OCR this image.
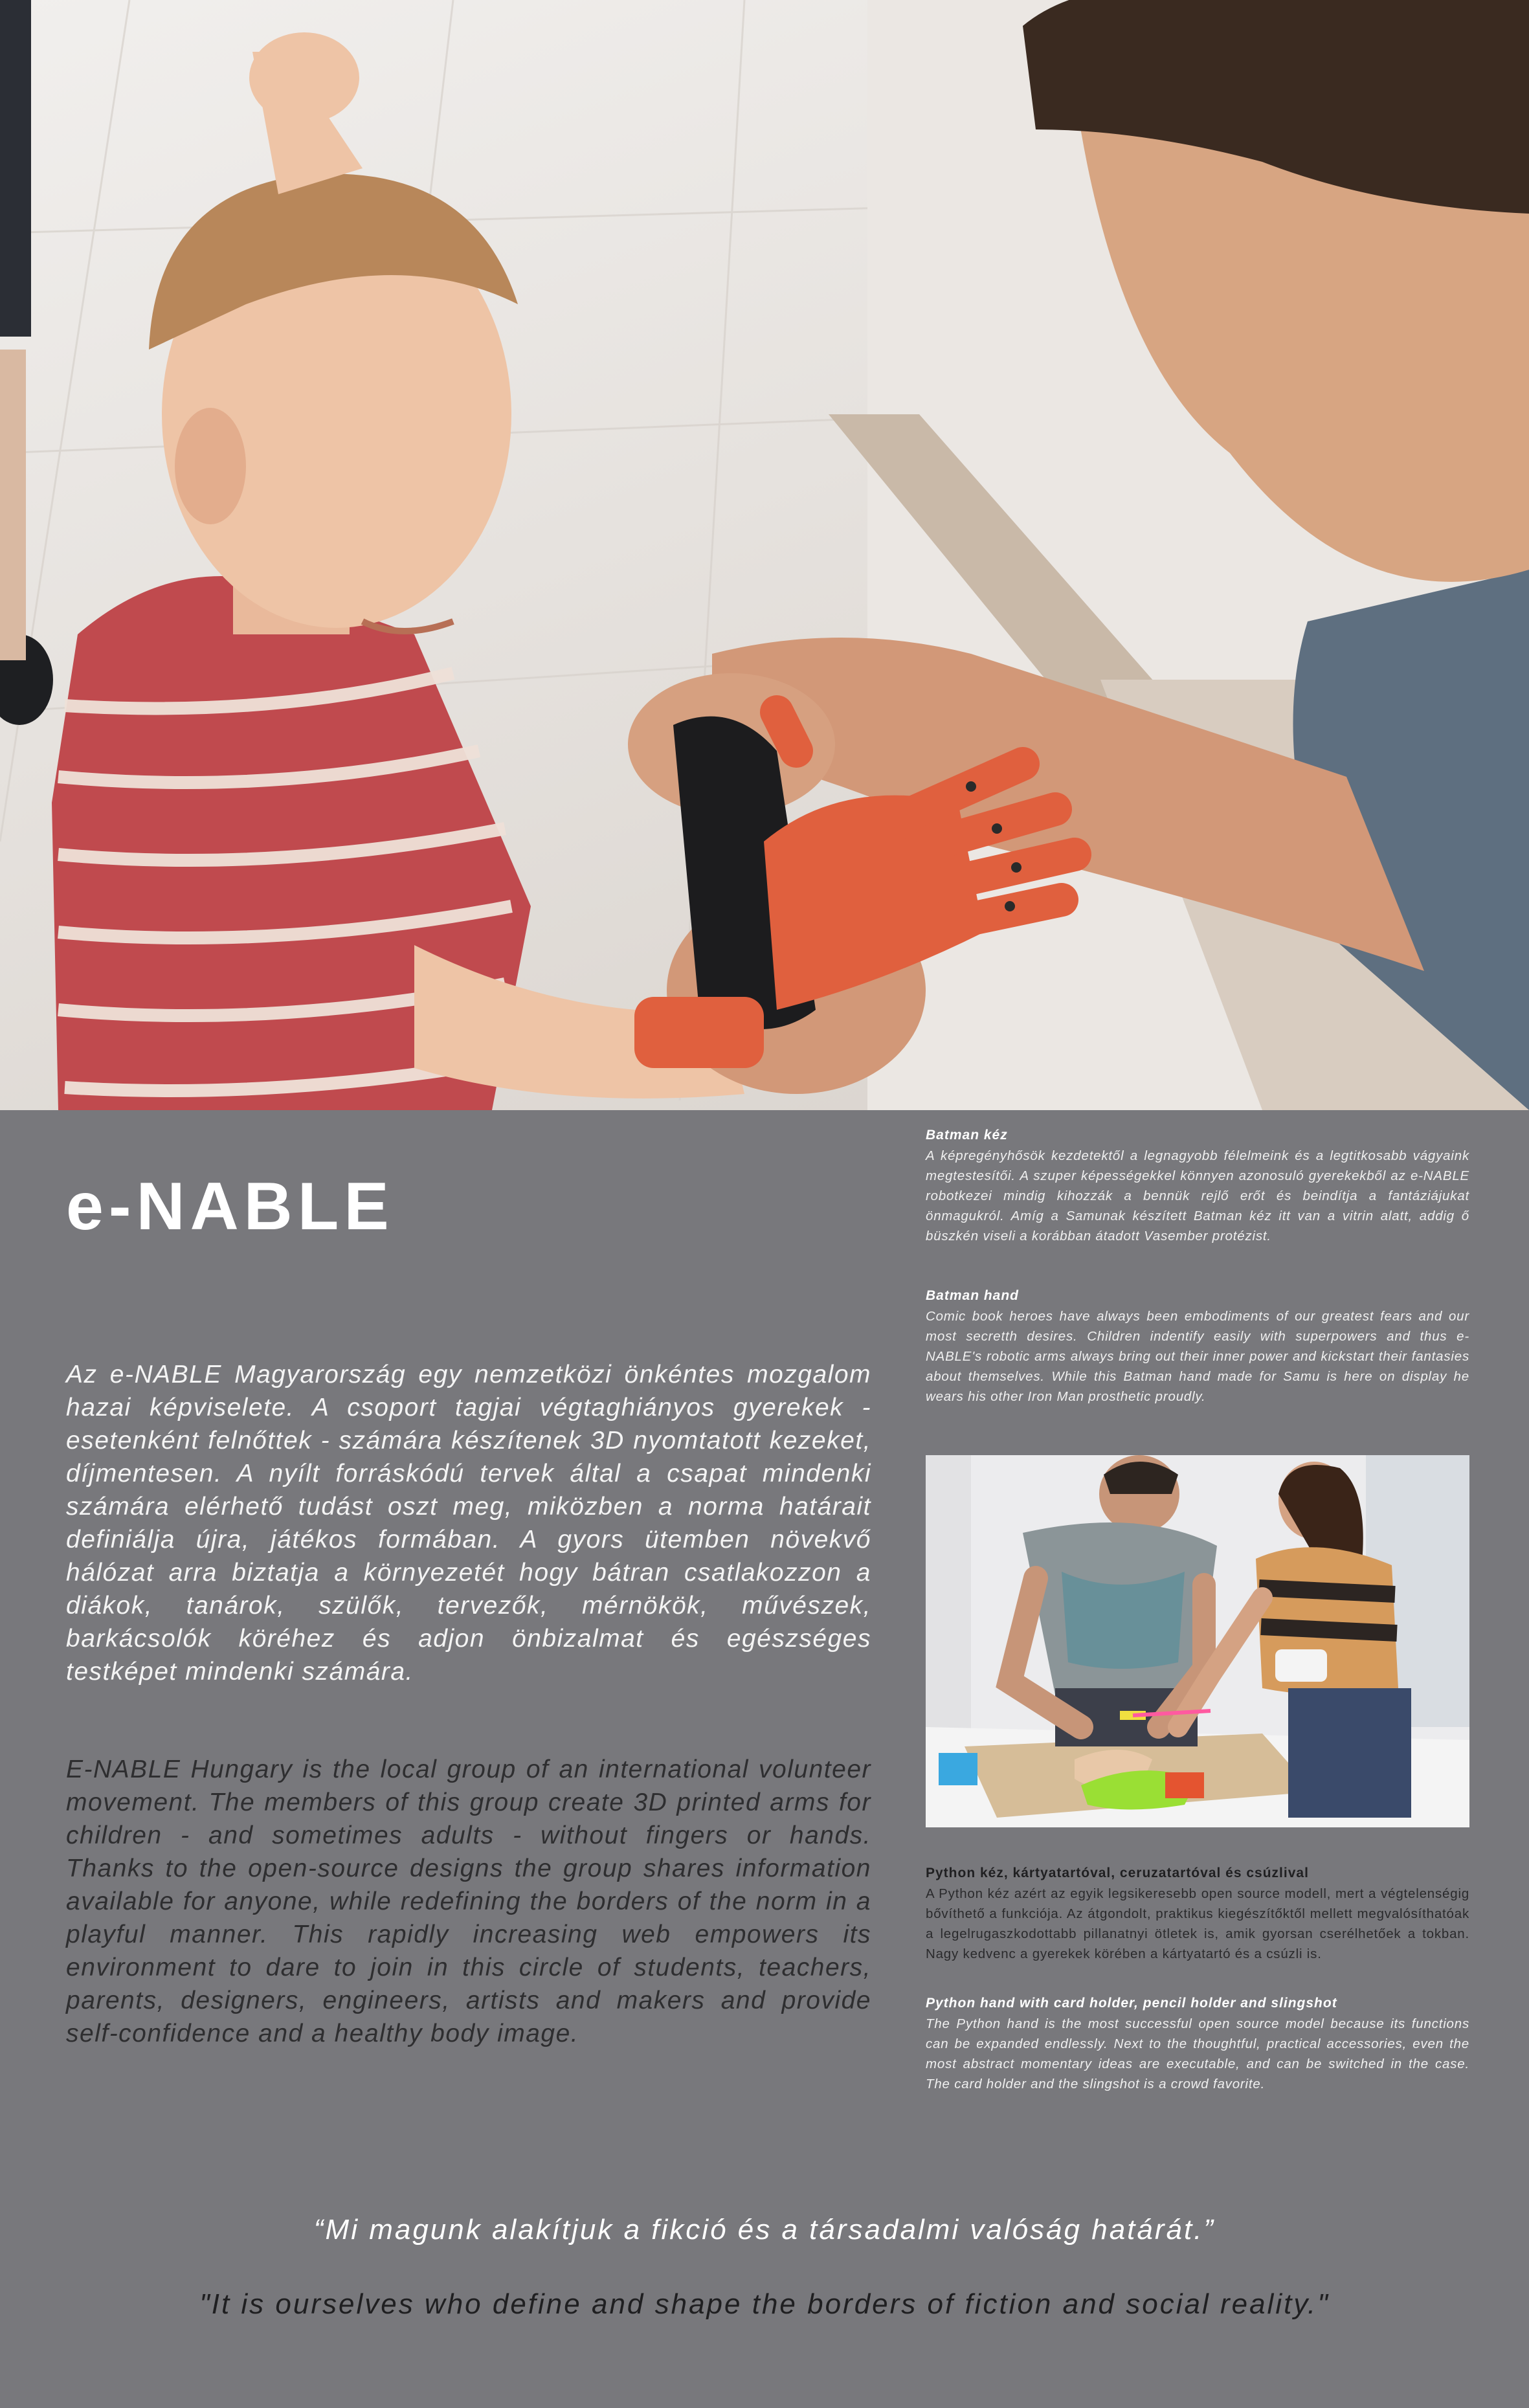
e-NABLE

Az e-NABLE Magyarország egy nemzetközi önkéntes mozgalom hazai képviselete. A csoport tagjai végtaghiányos gyerekek - esetenként felnőttek - számára készítenek 3D nyomtatott kezeket, díjmentesen. A nyílt forráskódú tervek által a csapat mindenki számára elérhető tudást oszt meg, miközben a norma határait definiálja újra, játékos formában. A gyors ütemben növekvő hálózat arra biztatja a környezetét hogy bátran csatlakozzon a diákok, tanárok, szülők, tervezők, mérnökök, művészek, barkácsolók köréhez és adjon önbizalmat és egészséges testképet mindenki számára.

E-NABLE Hungary is the local group of an international volunteer movement. The members of this group create 3D printed arms for children - and sometimes adults - without fingers or hands. Thanks to the open-source designs the group shares information available for anyone, while redefining the borders of the norm in a playful manner. This rapidly increasing web empowers its environment to dare to join in this circle of students, teachers, parents, designers, engineers, artists and makers and provide self-confidence and a healthy body image.

Batman kéz

A képregényhősök kezdetektől a legnagyobb félelmeink és a legtitkosabb vágyaink megtestesítői. A szuper képességekkel könnyen azonosuló gyerekekből az e-NABLE robotkezei mindig kihozzák a bennük rejlő erőt és beindítja a fantáziájukat önmagukról. Amíg a Samunak készített Batman kéz itt van a vitrin alatt, addig ő büszkén viseli a korábban átadott Vasember protézist.

Batman hand

Comic book heroes have always been embodiments of our greatest fears and our most secretth desires. Children indentify easily with superpowers and thus e-NABLE's robotic arms always bring out their inner power and kickstart their fantasies about themselves. While this Batman hand made for Samu is here on display he wears his other Iron Man prosthetic proudly.

Python kéz, kártyatartóval, ceruzatartóval és csúzlival

A Python kéz azért az egyik legsikeresebb open source modell, mert a végtelenségig bővíthető a funkciója. Az átgondolt, praktikus kiegészítőktől mellett megvalósíthatóak a legelrugaszkodottabb pillanatnyi ötletek is, amik gyorsan cserélhetőek a tokban. Nagy kedvenc a gyerekek körében a kártyatartó és a csúzli is.

Python hand with card holder, pencil holder and slingshot

The Python hand is the most successful open source model because its functions can be expanded endlessly. Next to the thoughtful, practical accessories, even the most abstract momentary ideas are executable, and can be switched in the case. The card holder and the slingshot is a crowd favorite.

“Mi magunk alakítjuk a fikció és a társadalmi valóság határát.”

"It is ourselves who define and shape the borders of fiction and social reality."
